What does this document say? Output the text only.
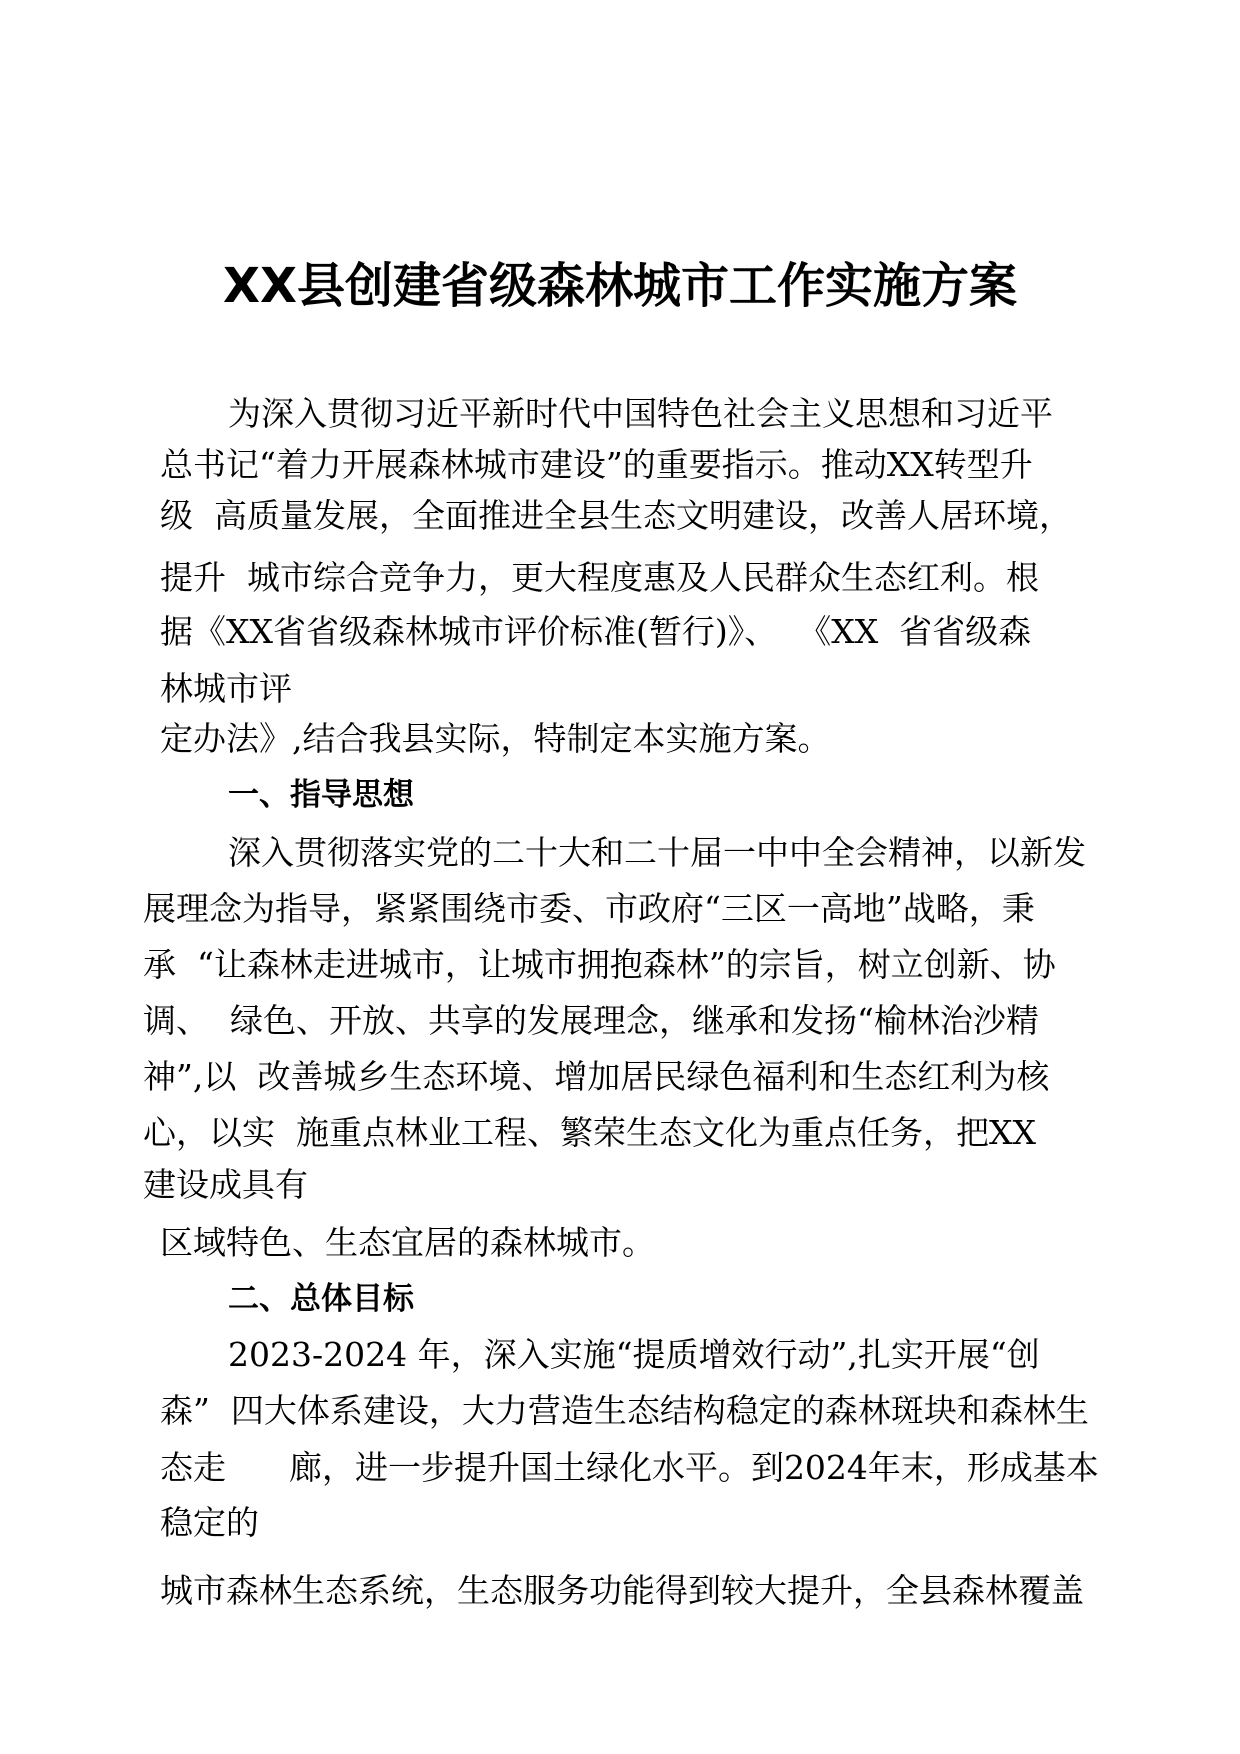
XX县创建省级森林城市工作实施方案
为深入贯彻习近平新时代中国特色社会主义思想和习近平
总书记“着力开展森林城市建设”的重要指示。推动XX转型升
级  高质量发展，全面推进全县生态文明建设，改善人居环境，
提升  城市综合竞争力，更大程度惠及人民群众生态红利。根
据《XX省省级森林城市评价标准(暂行)》、  《XX  省省级森
林城市评
定办法》,结合我县实际，特制定本实施方案。
一、指导思想
深入贯彻落实党的二十大和二十届一中中全会精神，以新发
展理念为指导，紧紧围绕市委、市政府“三区一高地”战略，秉
承  “让森林走进城市，让城市拥抱森林”的宗旨，树立创新、协
调、  绿色、开放、共享的发展理念，继承和发扬“榆林治沙精
神”,以  改善城乡生态环境、增加居民绿色福利和生态红利为核
心，以实  施重点林业工程、繁荣生态文化为重点任务，把XX
建设成具有
区域特色、生态宜居的森林城市。
二、总体目标
2023-2024 年，深入实施“提质增效行动”,扎实开展“创
森”  四大体系建设，大力营造生态结构稳定的森林斑块和森林生
态走      廊，进一步提升国土绿化水平。到2024年末，形成基本
稳定的
城市森林生态系统，生态服务功能得到较大提升，全县森林覆盖
